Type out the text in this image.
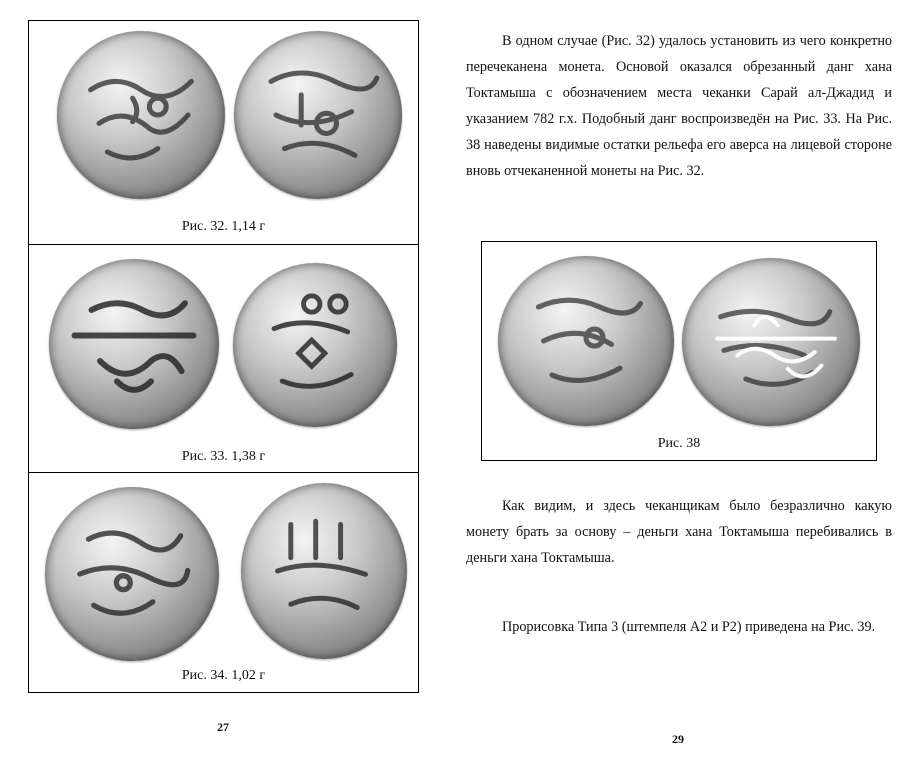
Рис. 32. 1,14 г
Рис. 33. 1,38 г
Рис. 34. 1,02 г
27

В одном случае (Рис. 32) удалось установить из чего конкретно перечеканена монета. Основой оказался обрезанный данг хана Токтамыша с обозначением места чеканки Сарай ал-Джадид и указанием 782 г.х. Подобный данг воспроизведён на Рис. 33. На Рис. 38 наведены видимые остатки рельефа его аверса на лицевой стороне вновь отчеканенной монеты на Рис. 32.

Рис. 38

Как видим, и здесь чеканщикам было безразлично какую монету брать за основу – деньги хана Токтамыша перебивались в деньги хана Токтамыша.

Прорисовка Типа 3 (штемпеля А2 и Р2) приведена на Рис. 39.

29
